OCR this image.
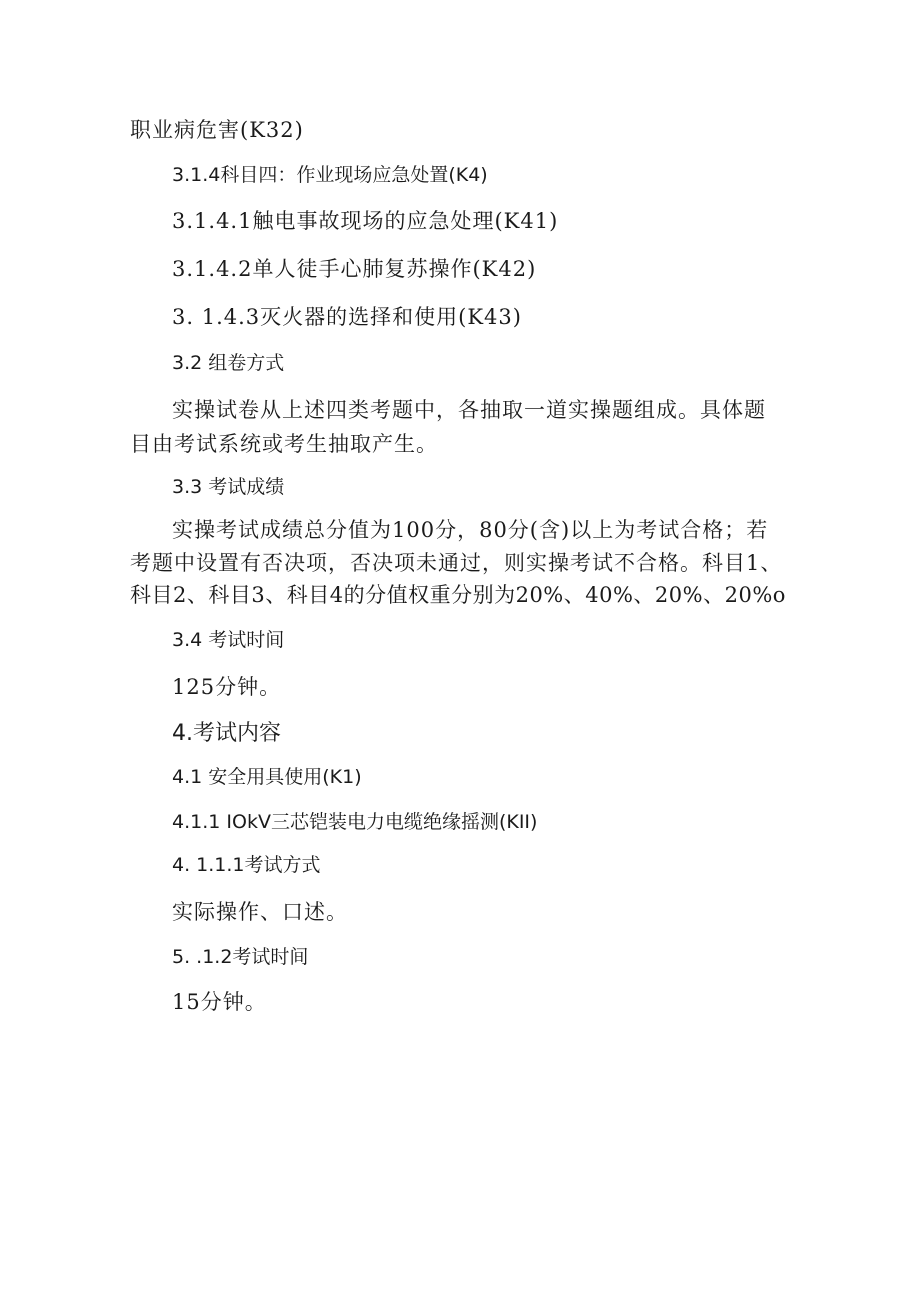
职业病危害(K32)
3.1.4科目四：作业现场应急处置(K4)
3.1.4.1触电事故现场的应急处理(K41)
3.1.4.2单人徒手心肺复苏操作(K42)
3. 1.4.3灭火器的选择和使用(K43)
3.2 组卷方式
实操试卷从上述四类考题中，各抽取一道实操题组成。具体题
目由考试系统或考生抽取产生。
3.3 考试成绩
实操考试成绩总分值为100分，80分(含)以上为考试合格；若
考题中设置有否决项，否决项未通过，则实操考试不合格。科目1、
科目2、科目3、科目4的分值权重分别为20%、40%、20%、20%o
3.4 考试时间
125分钟。
4.考试内容
4.1 安全用具使用(K1)
4.1.1 IOkV三芯铠装电力电缆绝缘摇测(KII)
4. 1.1.1考试方式
实际操作、口述。
5. .1.2考试时间
15分钟。
